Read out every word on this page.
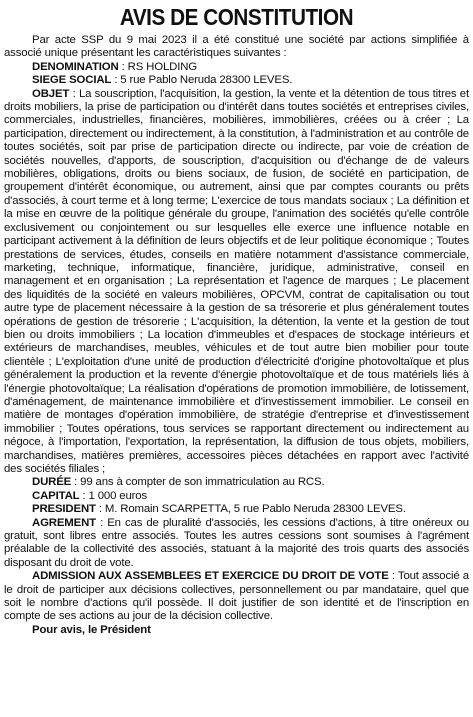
AVIS DE CONSTITUTION

Par acte SSP du 9 mai 2023 il a été constitué une société par actions simplifiée à associé unique présentant les caractéristiques suivantes :

DENOMINATION : RS HOLDING

SIEGE SOCIAL : 5 rue Pablo Neruda 28300 LEVES.

OBJET : La souscription, l'acquisition, la gestion, la vente et la détention de tous titres et droits mobiliers, la prise de participation ou d'intérêt dans toutes sociétés et entreprises civiles, commerciales, industrielles, financières, mobilières, immobilières, créées ou à créer ; La participation, directement ou indirectement, à la constitution, à l'administration et au contrôle de toutes sociétés, soit par prise de participation directe ou indirecte, par voie de création de sociétés nouvelles, d'apports, de souscription, d'acquisition ou d'échange de de valeurs mobilières, obligations, droits ou biens sociaux, de fusion, de société en participation, de groupement d'intérêt économique, ou autrement, ainsi que par comptes courants ou prêts d'associés, à court terme et à long terme; L'exercice de tous mandats sociaux ; La définition et la mise en œuvre de la politique générale du groupe, l'animation des sociétés qu'elle contrôle exclusivement ou conjointement ou sur lesquelles elle exerce une influence notable en participant activement à la définition de leurs objectifs et de leur politique économique ; Toutes prestations de services, études, conseils en matière notamment d'assistance commerciale, marketing, technique, informatique, financière, juridique, administrative, conseil en management et en organisation ; La représentation et l'agence de marques ; Le placement des liquidités de la société en valeurs mobilières, OPCVM, contrat de capitalisation ou tout autre type de placement nécessaire à la gestion de sa trésorerie et plus généralement toutes opérations de gestion de trésorerie ; L'acquisition, la détention, la vente et la gestion de tout bien ou droits immobiliers ; La location d'immeubles et d'espaces de stockage intérieurs et extérieurs de marchandises, meubles, véhicules et de tout autre bien mobilier pour toute clientèle ; L'exploitation d'une unité de production d'électricité d'origine photovoltaïque et plus généralement la production et la revente d'énergie photovoltaïque et de tous matériels liés à l'énergie photovoltaïque; La réalisation d'opérations de promotion immobilière, de lotissement, d'aménagement, de maintenance immobilière et d'investissement immobilier. Le conseil en matière de montages d'opération immobilière, de stratégie d'entreprise et d'investissement immobilier ; Toutes opérations, tous services se rapportant directement ou indirectement au négoce, à l'importation, l'exportation, la représentation, la diffusion de tous objets, mobiliers, marchandises, matières premières, accessoires pièces détachées en rapport avec l'activité des sociétés filiales ;

DURÉE : 99 ans à compter de son immatriculation au RCS.

CAPITAL : 1 000 euros

PRESIDENT : M. Romain SCARPETTA, 5 rue Pablo Neruda 28300 LEVES.

AGREMENT : En cas de pluralité d'associés, les cessions d'actions, à titre onéreux ou gratuit, sont libres entre associés. Toutes les autres cessions sont soumises à l'agrément préalable de la collectivité des associés, statuant à la majorité des trois quarts des associés disposant du droit de vote.

ADMISSION AUX ASSEMBLEES ET EXERCICE DU DROIT DE VOTE : Tout associé a le droit de participer aux décisions collectives, personnellement ou par mandataire, quel que soit le nombre d'actions qu'il possède. Il doit justifier de son identité et de l'inscription en compte de ses actions au jour de la décision collective.

Pour avis, le Président
